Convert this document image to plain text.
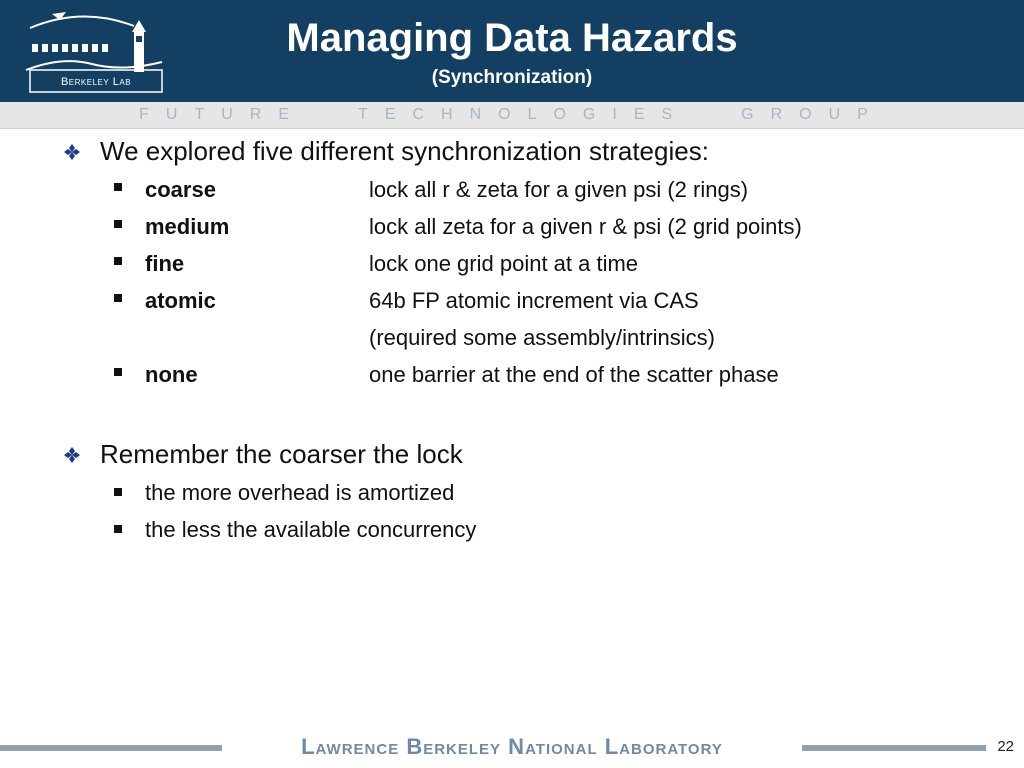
Berkeley Lab
Managing Data Hazards
(Synchronization)
FUTURE	TECHNOLOGIES	GROUP
We explored five different synchronization strategies:
coarse	lock all r & zeta for a given psi (2 rings)
medium	lock all zeta for a given r & psi (2 grid points)
fine	lock one grid point at a time
atomic	64b FP atomic increment via CAS
(required some assembly/intrinsics)
none	one barrier at the end of the scatter phase
Remember the coarser the lock
the more overhead is amortized
the less the available concurrency
Lawrence Berkeley National Laboratory	22
